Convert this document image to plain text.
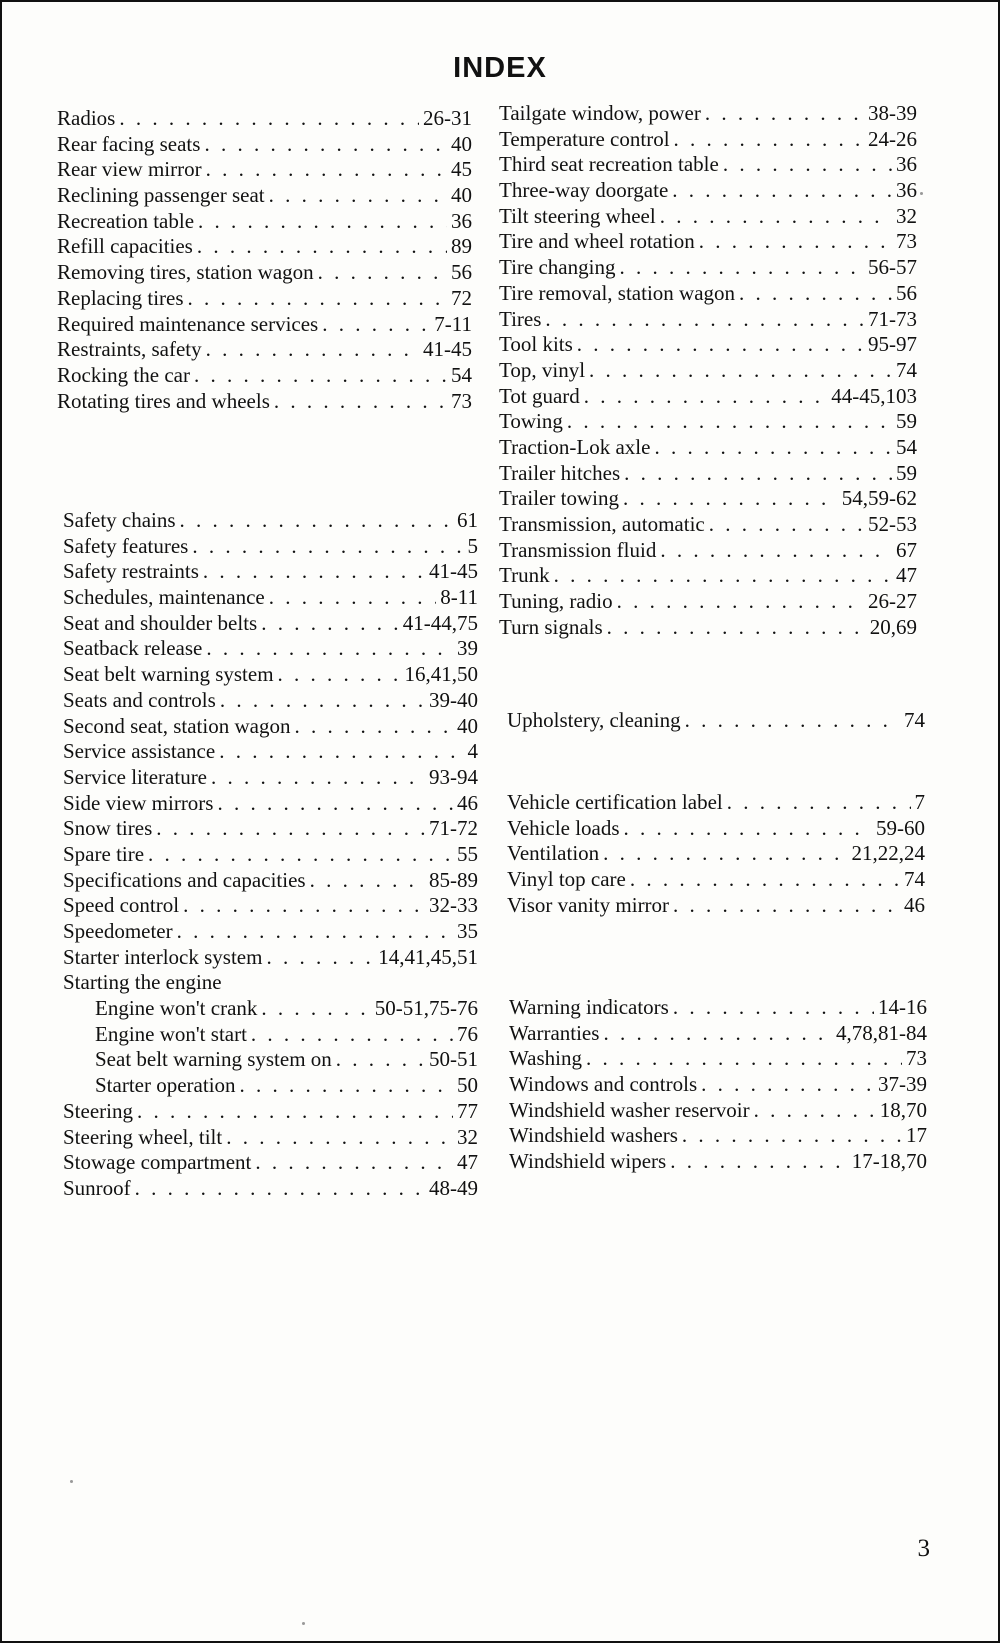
INDEX
Radios . . .	26-31
Rear facing seats . . .	40
Rear view mirror . . .	45
Reclining passenger seat . . .	40
Recreation table . . .	36
Refill capacities . . .	89
Removing tires, station wagon . . .	56
Replacing tires . . .	72
Required maintenance services . . .	7-11
Restraints, safety . . .	41-45
Rocking the car . . .	54
Rotating tires and wheels . . .	73
Safety chains . . .	61
Safety features . . .	5
Safety restraints . . .	41-45
Schedules, maintenance . . .	8-11
Seat and shoulder belts . . .	41-44,75
Seatback release . . .	39
Seat belt warning system . . .	16,41,50
Seats and controls . . .	39-40
Second seat, station wagon . . .	40
Service assistance . . .	4
Service literature . . .	93-94
Side view mirrors . . .	46
Snow tires . . .	71-72
Spare tire . . .	55
Specifications and capacities . . .	85-89
Speed control . . .	32-33
Speedometer . . .	35
Starter interlock system . . .	14,41,45,51
Starting the engine
Engine won't crank . . .	50-51,75-76
Engine won't start . . .	76
Seat belt warning system on . . .	50-51
Starter operation . . .	50
Steering . . .	77
Steering wheel, tilt . . .	32
Stowage compartment . . .	47
Sunroof . . .	48-49
Tailgate window, power . . .	38-39
Temperature control . . .	24-26
Third seat recreation table . . .	36
Three-way doorgate . . .	36
Tilt steering wheel . . .	32
Tire and wheel rotation . . .	73
Tire changing . . .	56-57
Tire removal, station wagon . . .	56
Tires . . .	71-73
Tool kits . . .	95-97
Top, vinyl . . .	74
Tot guard . . .	44-45,103
Towing . . .	59
Traction-Lok axle . . .	54
Trailer hitches . . .	59
Trailer towing . . .	54,59-62
Transmission, automatic . . .	52-53
Transmission fluid . . .	67
Trunk . . .	47
Tuning, radio . . .	26-27
Turn signals . . .	20,69
Upholstery, cleaning . . .	74
Vehicle certification label . . .	7
Vehicle loads . . .	59-60
Ventilation . . .	21,22,24
Vinyl top care . . .	74
Visor vanity mirror . . .	46
Warning indicators . . .	14-16
Warranties . . .	4,78,81-84
Washing . . .	73
Windows and controls . . .	37-39
Windshield washer reservoir . . .	18,70
Windshield washers . . .	17
Windshield wipers . . .	17-18,70
3
